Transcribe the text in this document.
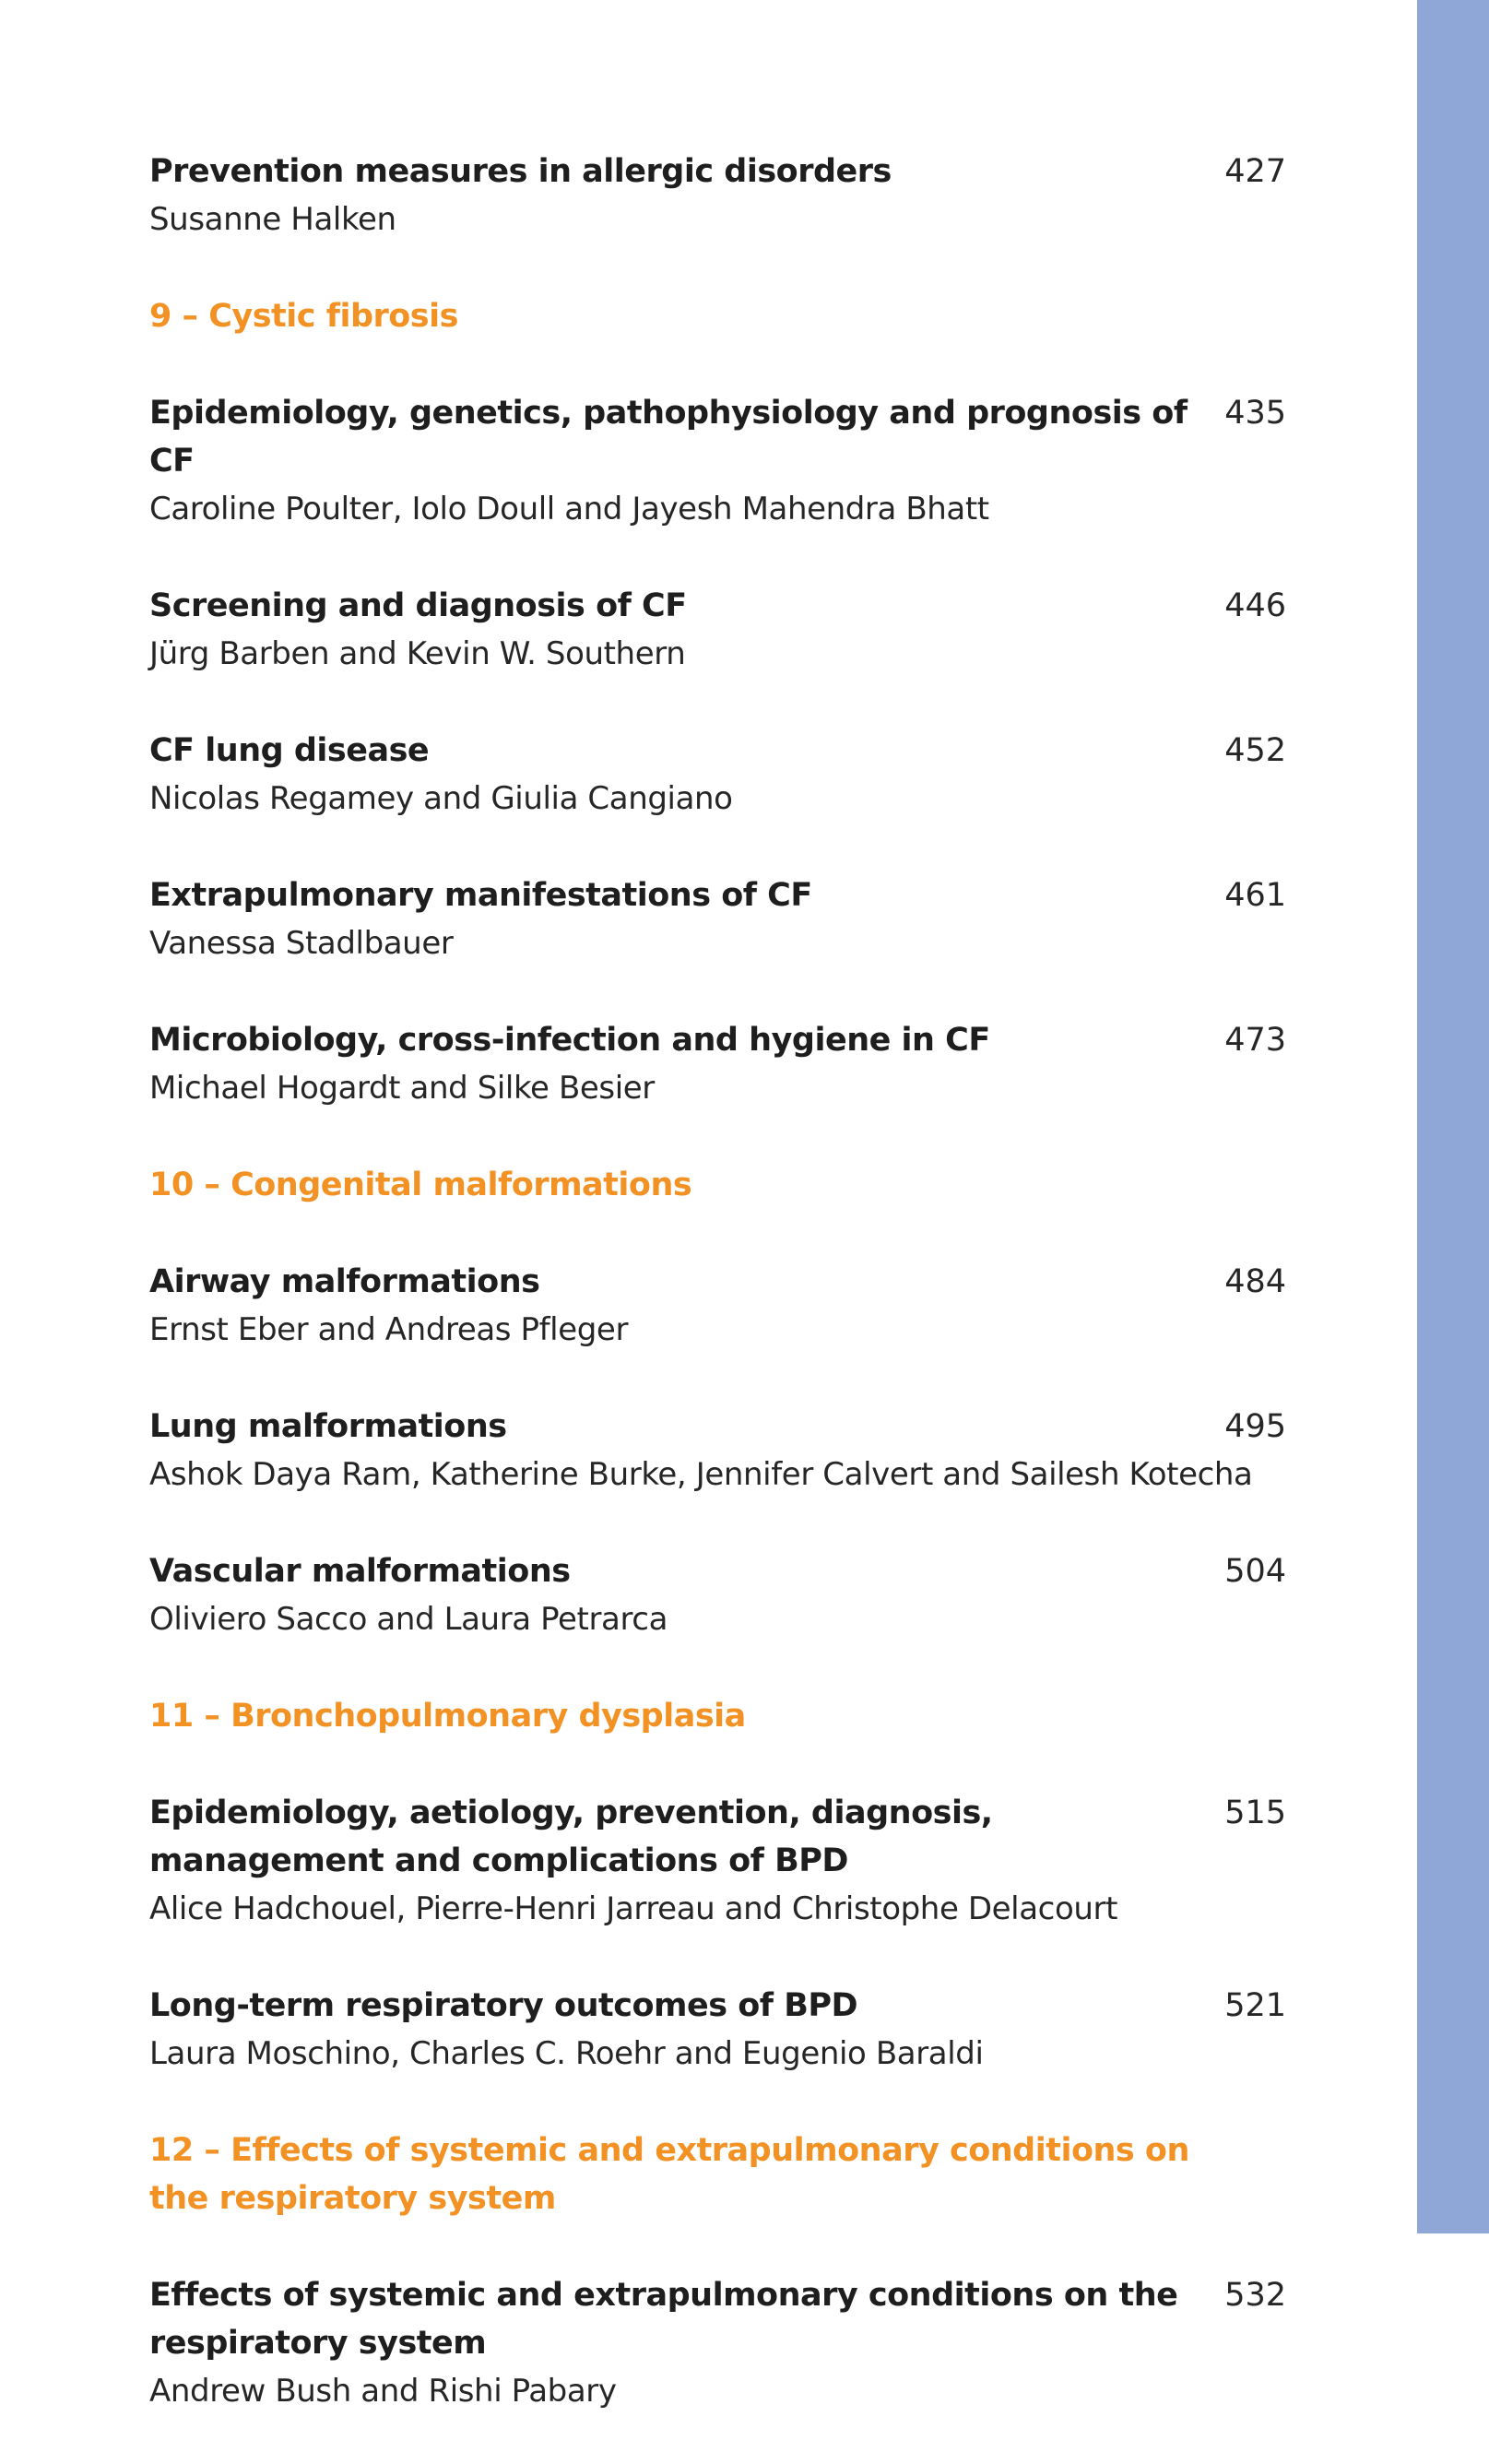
Prevention measures in allergic disorders
Susanne Halken
427
9 – Cystic fibrosis
Epidemiology, genetics, pathophysiology and prognosis of CF
Caroline Poulter, Iolo Doull and Jayesh Mahendra Bhatt
435
Screening and diagnosis of CF
Jürg Barben and Kevin W. Southern
446
CF lung disease
Nicolas Regamey and Giulia Cangiano
452
Extrapulmonary manifestations of CF
Vanessa Stadlbauer
461
Microbiology, cross-infection and hygiene in CF
Michael Hogardt and Silke Besier
473
10 – Congenital malformations
Airway malformations
Ernst Eber and Andreas Pfleger
484
Lung malformations
Ashok Daya Ram, Katherine Burke, Jennifer Calvert and Sailesh Kotecha
495
Vascular malformations
Oliviero Sacco and Laura Petrarca
504
11 – Bronchopulmonary dysplasia
Epidemiology, aetiology, prevention, diagnosis, management and complications of BPD
Alice Hadchouel, Pierre-Henri Jarreau and Christophe Delacourt
515
Long-term respiratory outcomes of BPD
Laura Moschino, Charles C. Roehr and Eugenio Baraldi
521
12 – Effects of systemic and extrapulmonary conditions on the respiratory system
Effects of systemic and extrapulmonary conditions on the respiratory system
Andrew Bush and Rishi Pabary
532
